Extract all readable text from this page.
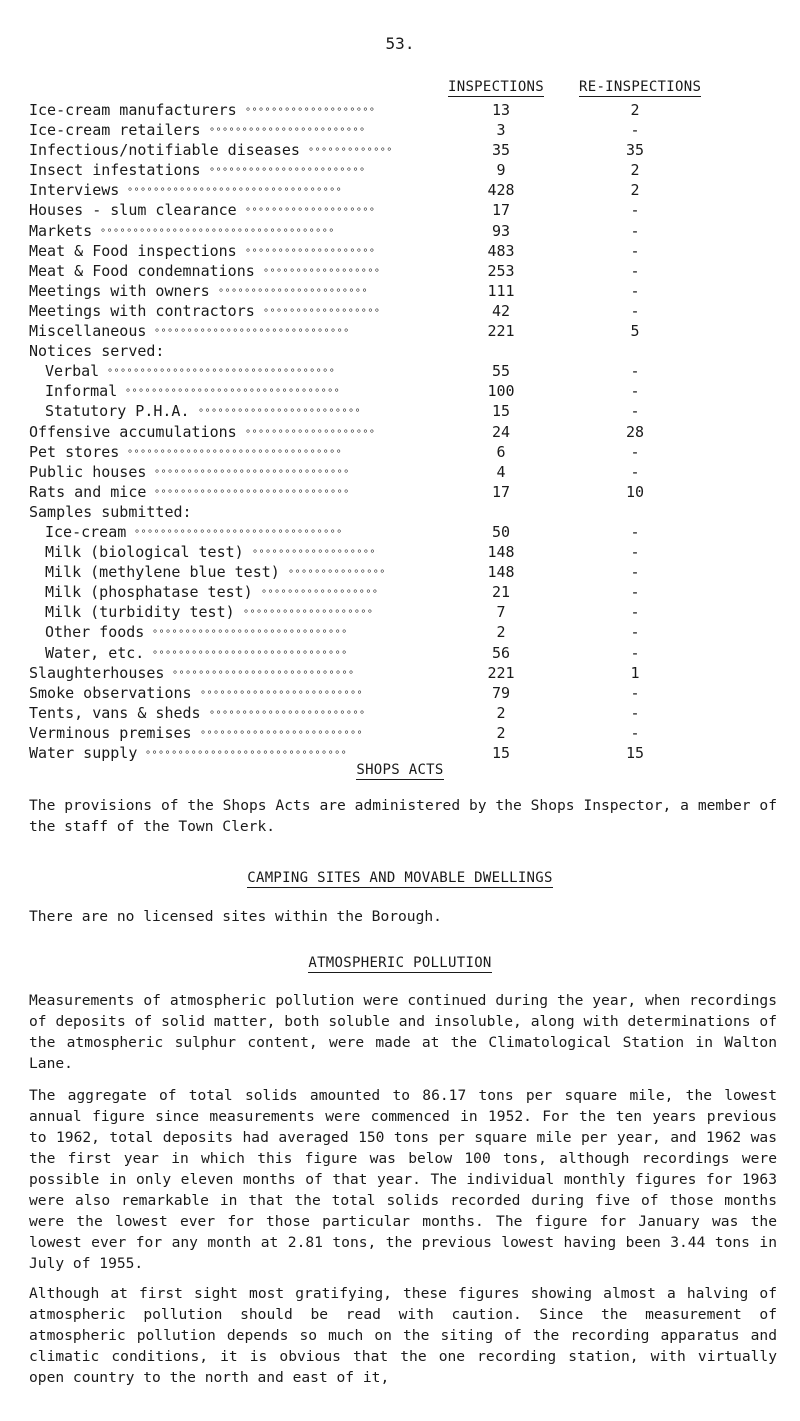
53.
INSPECTIONS RE-INSPECTIONS
Ice-cream manufacturers °°°°°°°°°°°°°°°°°°°°	13	2
Ice-cream retailers °°°°°°°°°°°°°°°°°°°°°°°°	3	-
Infectious/notifiable diseases °°°°°°°°°°°°°	35	35
Insect infestations °°°°°°°°°°°°°°°°°°°°°°°°	9	2
Interviews °°°°°°°°°°°°°°°°°°°°°°°°°°°°°°°°°	428	2
Houses - slum clearance °°°°°°°°°°°°°°°°°°°°	17	-
Markets °°°°°°°°°°°°°°°°°°°°°°°°°°°°°°°°°°°°	93	-
Meat & Food inspections °°°°°°°°°°°°°°°°°°°°	483	-
Meat & Food condemnations °°°°°°°°°°°°°°°°°°	253	-
Meetings with owners °°°°°°°°°°°°°°°°°°°°°°°	111	-
Meetings with contractors °°°°°°°°°°°°°°°°°°	42	-
Miscellaneous °°°°°°°°°°°°°°°°°°°°°°°°°°°°°°	221	5
Notices served:
Verbal °°°°°°°°°°°°°°°°°°°°°°°°°°°°°°°°°°°	55	-
Informal °°°°°°°°°°°°°°°°°°°°°°°°°°°°°°°°°	100	-
Statutory P.H.A. °°°°°°°°°°°°°°°°°°°°°°°°°	15	-
Offensive accumulations °°°°°°°°°°°°°°°°°°°°	24	28
Pet stores °°°°°°°°°°°°°°°°°°°°°°°°°°°°°°°°°	6	-
Public houses °°°°°°°°°°°°°°°°°°°°°°°°°°°°°°	4	-
Rats and mice °°°°°°°°°°°°°°°°°°°°°°°°°°°°°°	17	10
Samples submitted:
Ice-cream °°°°°°°°°°°°°°°°°°°°°°°°°°°°°°°°	50	-
Milk (biological test) °°°°°°°°°°°°°°°°°°°	148	-
Milk (methylene blue test) °°°°°°°°°°°°°°°	148	-
Milk (phosphatase test) °°°°°°°°°°°°°°°°°°	21	-
Milk (turbidity test) °°°°°°°°°°°°°°°°°°°°	7	-
Other foods °°°°°°°°°°°°°°°°°°°°°°°°°°°°°°	2	-
Water, etc. °°°°°°°°°°°°°°°°°°°°°°°°°°°°°°	56	-
Slaughterhouses °°°°°°°°°°°°°°°°°°°°°°°°°°°°	221	1
Smoke observations °°°°°°°°°°°°°°°°°°°°°°°°°	79	-
Tents, vans & sheds °°°°°°°°°°°°°°°°°°°°°°°°	2	-
Verminous premises °°°°°°°°°°°°°°°°°°°°°°°°°	2	-
Water supply °°°°°°°°°°°°°°°°°°°°°°°°°°°°°°°	15	15
SHOPS ACTS

The provisions of the Shops Acts are administered by the Shops Inspector, a member of the staff of the Town Clerk.

CAMPING SITES AND MOVABLE DWELLINGS

There are no licensed sites within the Borough.

ATMOSPHERIC POLLUTION

Measurements of atmospheric pollution were continued during the year, when recordings of deposits of solid matter, both soluble and insoluble, along with determinations of the atmospheric sulphur content, were made at the Climatological Station in Walton Lane.

The aggregate of total solids amounted to 86.17 tons per square mile, the lowest annual figure since measurements were commenced in 1952. For the ten years previous to 1962, total deposits had averaged 150 tons per square mile per year, and 1962 was the first year in which this figure was below 100 tons, although recordings were possible in only eleven months of that year. The individual monthly figures for 1963 were also remarkable in that the total solids recorded during five of those months were the lowest ever for those particular months. The figure for January was the lowest ever for any month at 2.81 tons, the previous lowest having been 3.44 tons in July of 1955.

Although at first sight most gratifying, these figures showing almost a halving of atmospheric pollution should be read with caution. Since the measurement of atmospheric pollution depends so much on the siting of the recording apparatus and climatic conditions, it is obvious that the one recording station, with virtually open country to the north and east of it,
